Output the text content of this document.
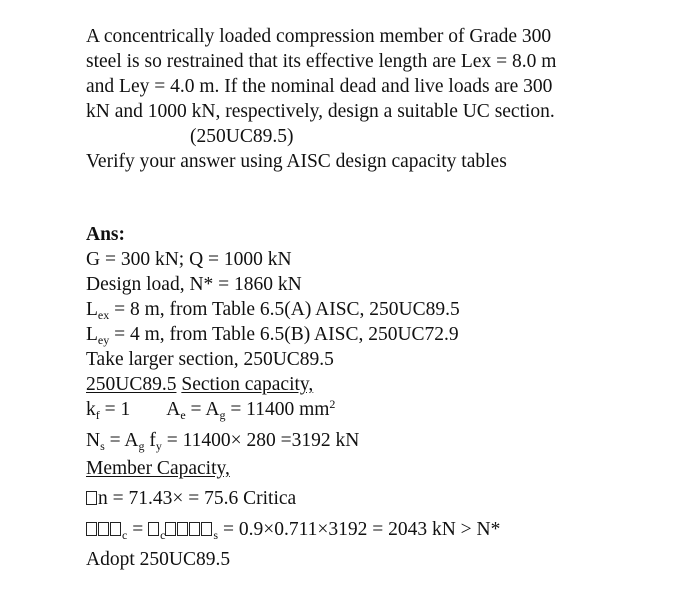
A concentrically loaded compression member of Grade 300
steel is so restrained that its effective length are Lex = 8.0 m
and Ley = 4.0 m. If the nominal dead and live loads are 300
kN and 1000 kN, respectively, design a suitable UC section.
(250UC89.5)
Verify your answer using AISC design capacity tables
Ans:
G = 300 kN; Q = 1000 kN
Design load, N* = 1860 kN
$L_{ex} = 8$ m, from Table 6.5(A) AISC, 250UC89.5
$L_{ey} = 4$ m, from Table 6.5(B) AISC, 250UC72.9
Take larger section, 250UC89.5
250UC89.5 Section capacity,
$k_f = 1$ $A_e = A_g = 11400$ $mm^2$
$N_s = A_g$ $f_y = 11400\times 280 =3192$ kN
Member Capacity,
n = 71.43× = 75.6 Critica
$_c$ = $_c$	$_s$ = 0.9×0.711×3192 = 2043 kN > N*
Adopt 250UC89.5
